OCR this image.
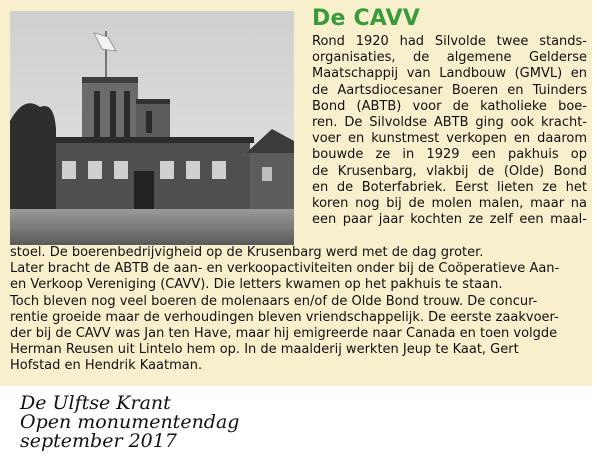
De CAVV
Rond 1920 had Silvolde twee stands-
organisaties, de algemene Gelderse
Maatschappij van Landbouw (GMVL) en
de Aartsdiocesaner Boeren en Tuinders
Bond (ABTB) voor de katholieke boe-
ren. De Silvoldse ABTB ging ook kracht-
voer en kunstmest verkopen en daarom
bouwde ze in 1929 een pakhuis op
de Krusenbarg, vlakbij de (Olde) Bond
en de Boterfabriek. Eerst lieten ze het
koren nog bij de molen malen, maar na
een paar jaar kochten ze zelf een maal-
stoel. De boerenbedrijvigheid op de Krusenbarg werd met de dag groter.
Later bracht de ABTB de aan- en verkoopactiviteiten onder bij de Coöperatieve Aan-
en Verkoop Vereniging (CAVV). Die letters kwamen op het pakhuis te staan.
Toch bleven nog veel boeren de molenaars en/of de Olde Bond trouw. De concur-
rentie groeide maar de verhoudingen bleven vriendschappelijk. De eerste zaakvoer-
der bij de CAVV was Jan ten Have, maar hij emigreerde naar Canada en toen volgde
Herman Reusen uit Lintelo hem op. In de maalderij werkten Jeup te Kaat, Gert
Hofstad en Hendrik Kaatman.
De Ulftse Krant
Open monumentendag
september 2017
